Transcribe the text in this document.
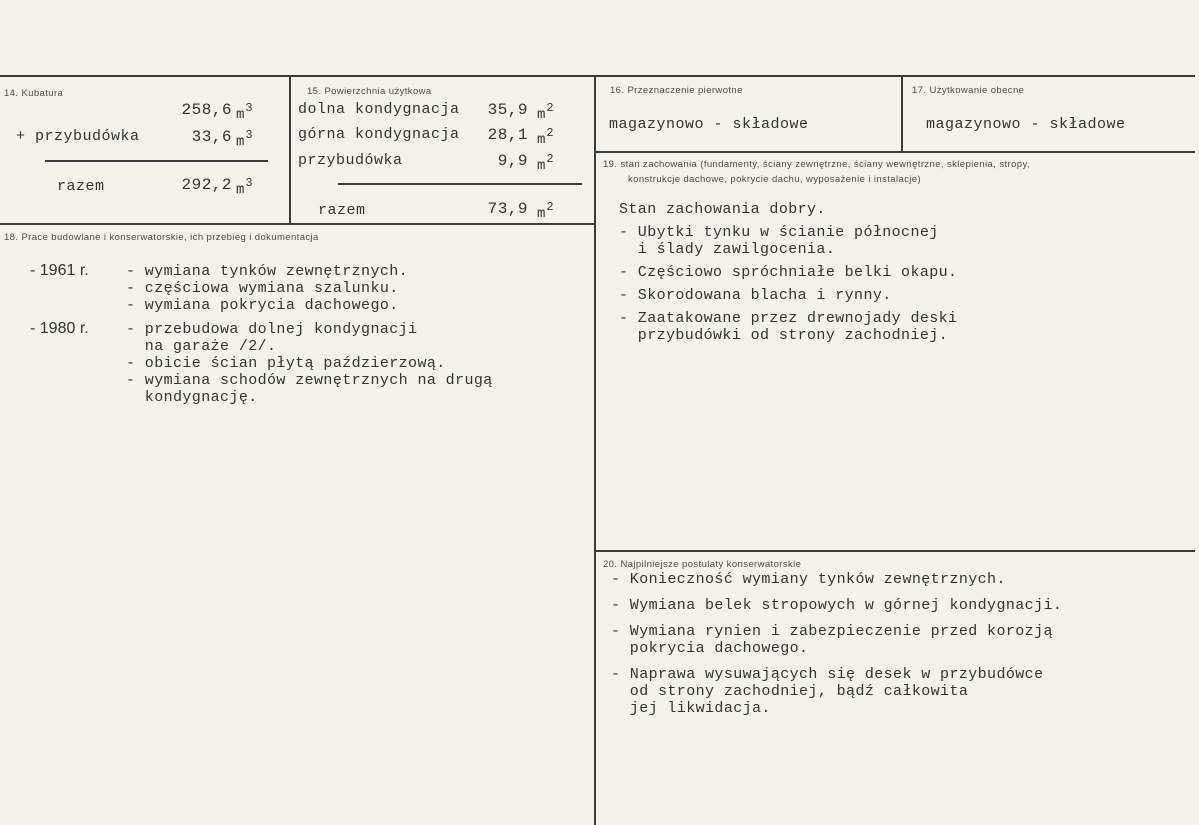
14. Kubatura
258,6 $m^3$
+ przybudówka	33,6 $m^3$
razem	292,2 $m^3$
15. Powierzchnia użytkowa
dolna kondygnacja	35,9 $m^2$
górna kondygnacja	28,1 $m^2$
przybudówka	9,9 $m^2$
razem	73,9 $m^2$
16. Przeznaczenie pierwotne
magazynowo - składowe
17. Użytkowanie obecne
magazynowo - składowe
18. Prace budowlane i konserwatorskie, ich przebieg i dokumentacja
- 1961 r. - wymiana tynków zewnętrznych.
- częściowa wymiana szalunku.
- wymiana pokrycia dachowego.
- 1980 r. - przebudowa dolnej kondygnacji
na garaże /2/.
- obicie ścian płytą paździerzową.
- wymiana schodów zewnętrznych na drugą
kondygnację.
19. stan zachowania (fundamenty, ściany zewnętrzne, ściany wewnętrzne, sklepienia, stropy,
konstrukcje dachowe, pokrycie dachu, wyposażenie i instalacje)
Stan zachowania dobry.
- Ubytki tynku w ścianie północnej
i ślady zawilgocenia.
- Częściowo spróchniałe belki okapu.
- Skorodowana blacha i rynny.
- Zaatakowane przez drewnojady deski
przybudówki od strony zachodniej.
20. Najpilniejsze postulaty konserwatorskie
- Konieczność wymiany tynków zewnętrznych.
- Wymiana belek stropowych w górnej kondygnacji.
- Wymiana rynien i zabezpieczenie przed korozją
pokrycia dachowego.
- Naprawa wysuwających się desek w przybudówce
od strony zachodniej, bądź całkowita
jej likwidacja.
